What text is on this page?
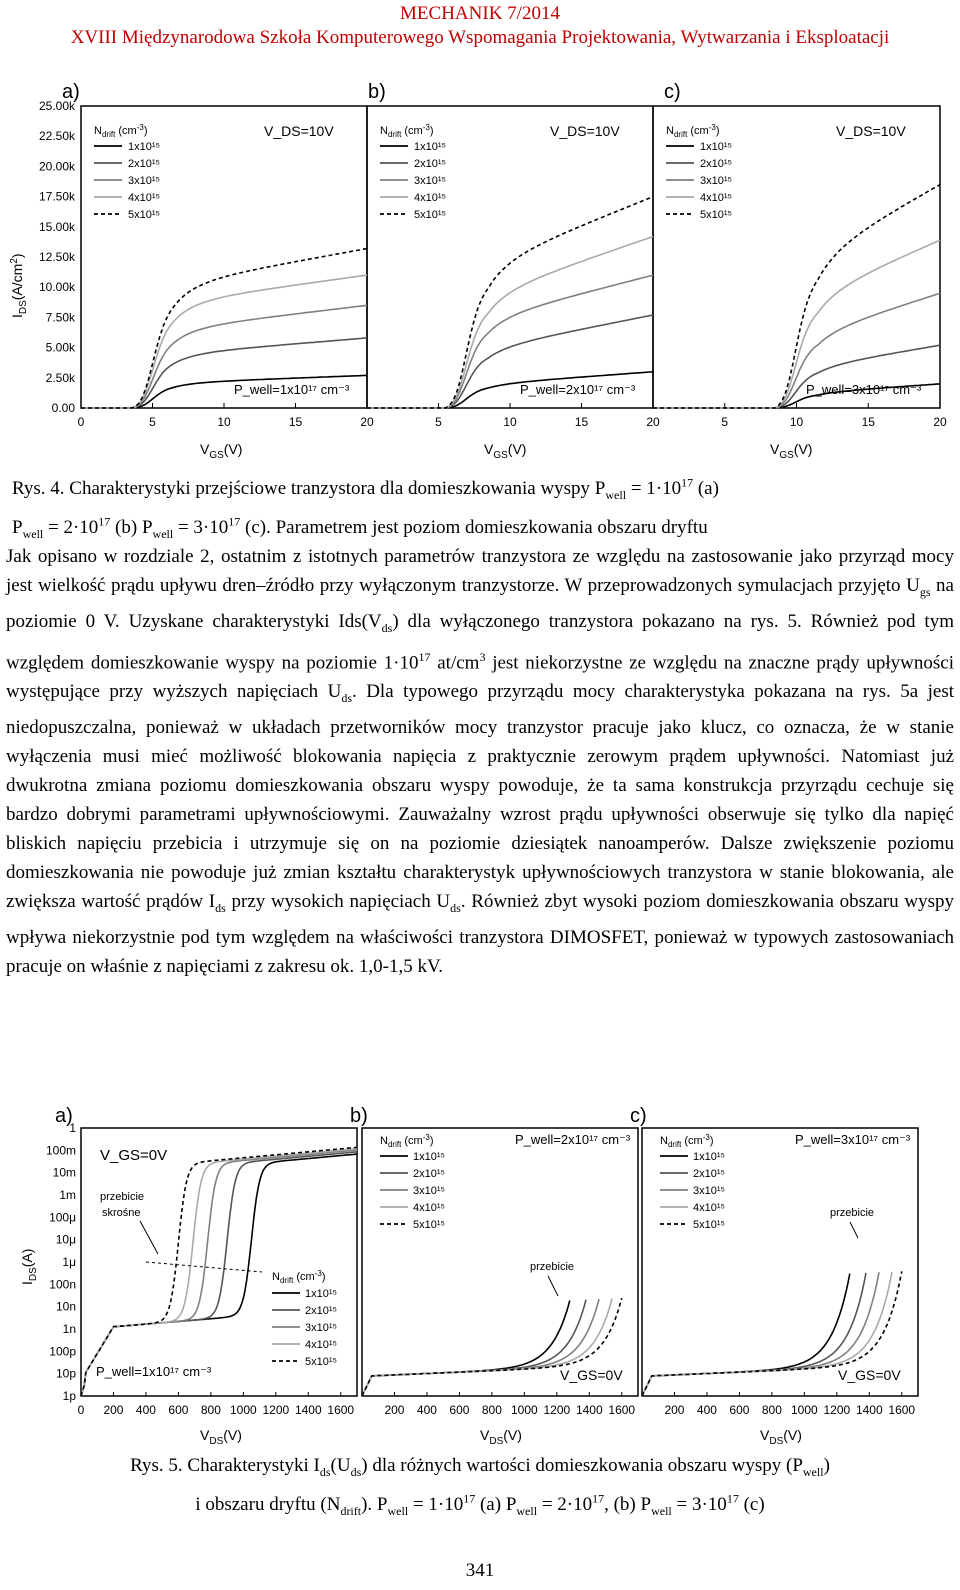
MECHANIK 7/2014
XVIII Międzynarodowa Szkoła Komputerowego Wspomagania Projektowania, Wytwarzania i Eksploatacji
a)	b)	c)
$I_{DS}(A/cm^2)$
0.00
2.50k
5.00k
7.50k
10.00k
12.50k
15.00k
17.50k
20.00k
22.50k
25.00k
0	5	10	15	20	5	10	15	20	5	10	15	20
$V_{GS}(V)$	$V_{GS}(V)$	$V_{GS}(V)$
$N_{drift}$ $(cm^{-3})$
1x10¹⁵
2x10¹⁵
3x10¹⁵
4x10¹⁵
5x10¹⁵
V_DS=10V
P_well=1x10¹⁷ cm⁻³
$N_{drift}$ $(cm^{-3})$
1x10¹⁵
2x10¹⁵
3x10¹⁵
4x10¹⁵
5x10¹⁵
V_DS=10V
P_well=2x10¹⁷ cm⁻³
$N_{drift}$ $(cm^{-3})$
1x10¹⁵
2x10¹⁵
3x10¹⁵
4x10¹⁵
5x10¹⁵
V_DS=10V
P_well=3x10¹⁷ cm⁻³
Rys. 4. Charakterystyki przejściowe tranzystora dla domieszkowania wyspy $P_{well} = 1\cdot 10^{17}$ (a)
$P_{well} = 2\cdot 10^{17}$ (b) $P_{well} = 3\cdot 10^{17}$ (c). Parametrem jest poziom domieszkowania obszaru dryftu
Jak opisano w rozdziale 2, ostatnim z istotnych parametrów tranzystora ze względu na zastosowanie jako przyrząd mocy jest wielkość prądu upływu dren–źródło przy wyłączonym tranzystorze. W przeprowadzonych symulacjach przyjęto $U_{gs}$ na poziomie 0 V. Uzyskane charakterystyki $Ids(V_{ds})$ dla wyłączonego tranzystora pokazano na rys. 5. Również pod tym względem domieszkowanie wyspy na poziomie $1\cdot 10^{17}$ $at/cm^3$ jest niekorzystne ze względu na znaczne prądy upływności występujące przy wyższych napięciach $U_{ds}$. Dla typowego przyrządu mocy charakterystyka pokazana na rys. 5a jest niedopuszczalna, ponieważ w układach przetworników mocy tranzystor pracuje jako klucz, co oznacza, że w stanie wyłączenia musi mieć możliwość blokowania napięcia z praktycznie zerowym prądem upływności. Natomiast już dwukrotna zmiana poziomu domieszkowania obszaru wyspy powoduje, że ta sama konstrukcja przyrządu cechuje się bardzo dobrymi parametrami upływnościowymi. Zauważalny wzrost prądu upływności obserwuje się tylko dla napięć bliskich napięciu przebicia i utrzymuje się on na poziomie dziesiątek nanoamperów. Dalsze zwiększenie poziomu domieszkowania nie powoduje już zmian kształtu charakterystyk upływnościowych tranzystora w stanie blokowania, ale zwiększa wartość prądów $I_{ds}$ przy wysokich napięciach $U_{ds}$. Również zbyt wysoki poziom domieszkowania obszaru wyspy wpływa niekorzystnie pod tym względem na właściwości tranzystora DIMOSFET, ponieważ w typowych zastosowaniach pracuje on właśnie z napięciami z zakresu ok. 1,0-1,5 kV.
a)	b)	c)
$I_{DS}(A)$
1p
10p
100p
1n
10n
100n
1μ
10μ
100μ
1m
10m
100m
1
0 200 400 600 800 1000 1200 1400 1600	200 400 600 800 1000 1200 1400 1600 200 400 600 800 1000 1200 1400 1600
$V_{DS}(V)$	$V_{DS}(V)$	$V_{DS}(V)$
V_GS=0V
przebicie
skrośne
$N_{drift}$ $(cm^{-3})$
1x10¹⁵
2x10¹⁵
3x10¹⁵
4x10¹⁵
5x10¹⁵
P_well=1x10¹⁷ cm⁻³
$N_{drift}$ $(cm^{-3})$
1x10¹⁵
2x10¹⁵
3x10¹⁵
4x10¹⁵
5x10¹⁵
P_well=2x10¹⁷ cm⁻³
przebicie
V_GS=0V
$N_{drift}$ $(cm^{-3})$
1x10¹⁵
2x10¹⁵
3x10¹⁵
4x10¹⁵
5x10¹⁵
P_well=3x10¹⁷ cm⁻³
przebicie
V_GS=0V
Rys. 5. Charakterystyki $I_{ds}(U_{ds})$ dla różnych wartości domieszkowania obszaru wyspy $(P_{well})$
i obszaru dryftu $(N_{drift})$. $P_{well} = 1\cdot 10^{17}$ (a) $P_{well} = 2\cdot 10^{17}$, (b) $P_{well} = 3\cdot 10^{17}$ (c)
341
